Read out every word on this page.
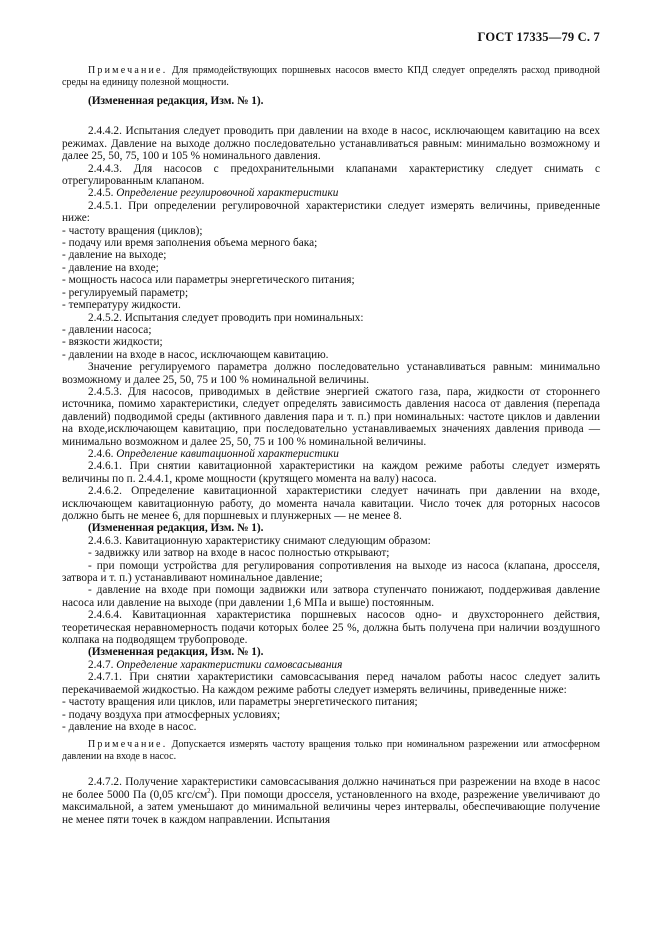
ГОСТ 17335—79 С. 7

Примечание. Для прямодействующих поршневых насосов вместо КПД следует определять расход приводной среды на единицу полезной мощности.

(Измененная редакция, Изм. № 1).

2.4.4.2. Испытания следует проводить при давлении на входе в насос, исключающем кавитацию на всех режимах. Давление на выходе должно последовательно устанавливаться равным: минимально возможному и далее 25, 50, 75, 100 и 105 % номинального давления.

2.4.4.3. Для насосов с предохранительными клапанами характеристику следует снимать с отрегулированным клапаном.

2.4.5. Определение регулировочной характеристики

2.4.5.1. При определении регулировочной характеристики следует измерять величины, приведенные ниже:

- частоту вращения (циклов);

- подачу или время заполнения объема мерного бака;

- давление на выходе;

- давление на входе;

- мощность насоса или параметры энергетического питания;

- регулируемый параметр;

- температуру жидкости.

2.4.5.2. Испытания следует проводить при номинальных:

- давлении насоса;

- вязкости жидкости;

- давлении на входе в насос, исключающем кавитацию.

Значение регулируемого параметра должно последовательно устанавливаться равным: минимально возможному и далее 25, 50, 75 и 100 % номинальной величины.

2.4.5.3. Для насосов, приводимых в действие энергией сжатого газа, пара, жидкости от стороннего источника, помимо характеристики, следует определять зависимость давления насоса от давления (перепада давлений) подводимой среды (активного давления пара и т. п.) при номинальных: частоте циклов и давлении на входе,исключающем кавитацию, при последовательно устанавливаемых значениях давления привода — минимально возможном и далее 25, 50, 75 и 100 % номинальной величины.

2.4.6. Определение кавитационной характеристики

2.4.6.1. При снятии кавитационной характеристики на каждом режиме работы следует измерять величины по п. 2.4.4.1, кроме мощности (крутящего момента на валу) насоса.

2.4.6.2. Определение кавитационной характеристики следует начинать при давлении на входе, исключающем кавитационную работу, до момента начала кавитации. Число точек для роторных насосов должно быть не менее 6, для поршневых и плунжерных — не менее 8.

(Измененная редакция, Изм. № 1).

2.4.6.3. Кавитационную характеристику снимают следующим образом:

- задвижку или затвор на входе в насос полностью открывают;

- при помощи устройства для регулирования сопротивления на выходе из насоса (клапана, дросселя, затвора и т. п.) устанавливают номинальное давление;

- давление на входе при помощи задвижки или затвора ступенчато понижают, поддерживая давление насоса или давление на выходе (при давлении 1,6 МПа и выше) постоянным.

2.4.6.4. Кавитационная характеристика поршневых насосов одно- и двухстороннего действия, теоретическая неравномерность подачи которых более 25 %, должна быть получена при наличии воздушного колпака на подводящем трубопроводе.

(Измененная редакция, Изм. № 1).

2.4.7. Определение характеристики самовсасывания

2.4.7.1. При снятии характеристики самовсасывания перед началом работы насос следует залить перекачиваемой жидкостью. На каждом режиме работы следует измерять величины, приведенные ниже:

- частоту вращения или циклов, или параметры энергетического питания;

- подачу воздуха при атмосферных условиях;

- давление на входе в насос.

Примечание. Допускается измерять частоту вращения только при номинальном разрежении или атмосферном давлении на входе в насос.

2.4.7.2. Получение характеристики самовсасывания должно начинаться при разрежении на входе в насос не более 5000 Па (0,05 кгс/$см^2$). При помощи дросселя, установленного на входе, разрежение увеличивают до максимальной, а затем уменьшают до минимальной величины через интервалы, обеспечивающие получение не менее пяти точек в каждом направлении. Испытания
